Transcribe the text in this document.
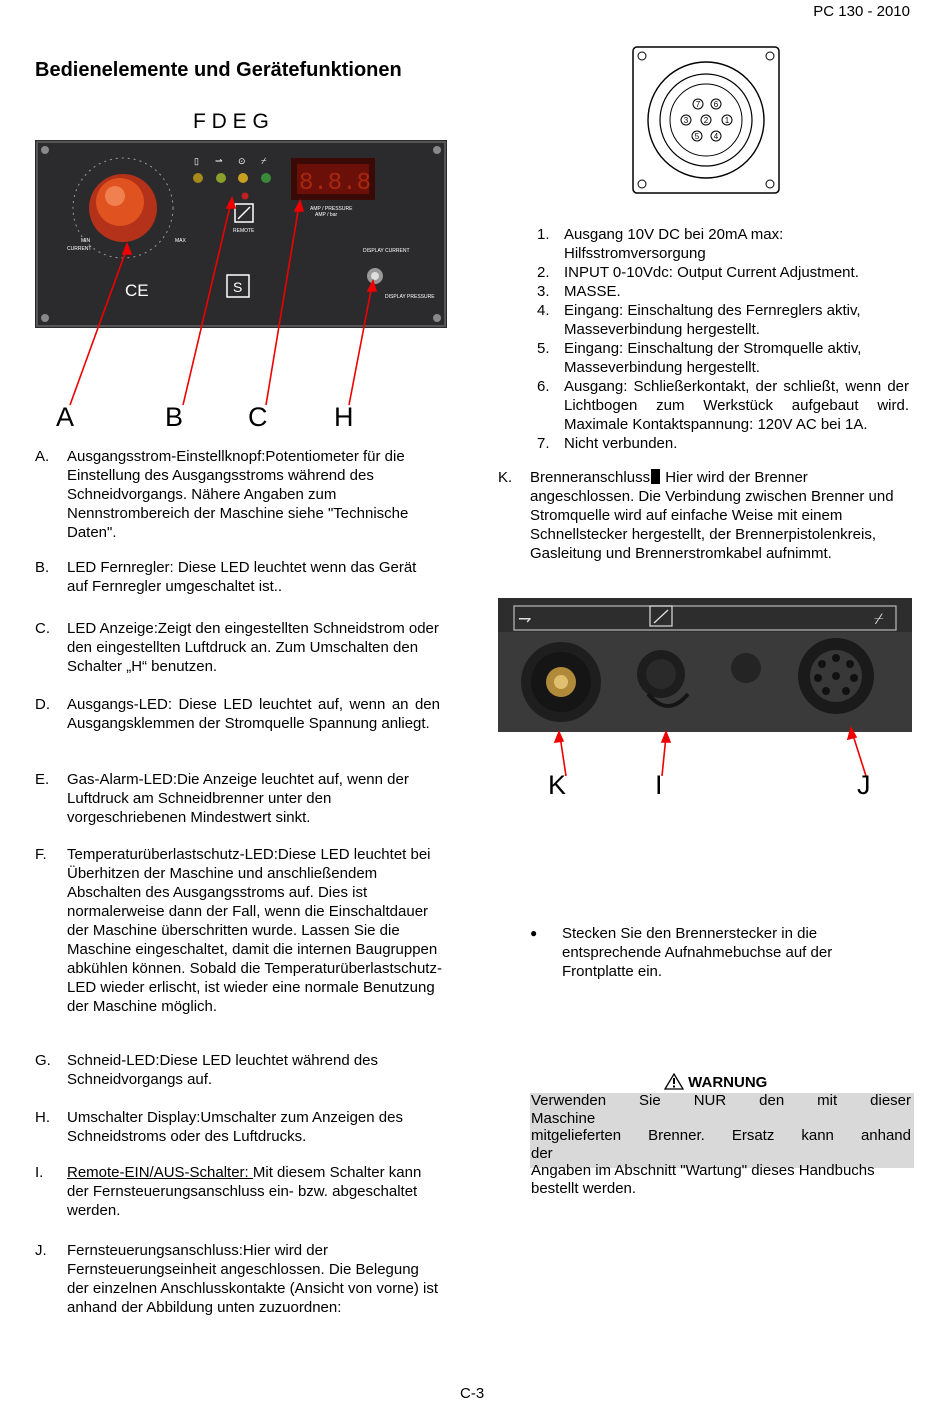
PC 130 - 2010
Bedienelemente und Gerätefunktionen
F D E G
MIN
CURRENT
MAX
▯ ⇀ ⊙ ⌿
REMOTE
8.8.8
AMP / PRESSURE
AMP / bar
DISPLAY CURRENT
DISPLAY PRESSURE
CE	S
A	B C H
A.	Ausgangsstrom-Einstellknopf:Potentiometer für die Einstellung des Ausgangsstroms während des Schneidvorgangs. Nähere Angaben zum Nennstrombereich der Maschine siehe "Technische Daten".
B.	LED Fernregler: Diese LED leuchtet wenn das Gerät auf Fernregler umgeschaltet ist..
C.	LED Anzeige:Zeigt den eingestellten Schneidstrom oder den eingestellten Luftdruck an. Zum Umschalten den Schalter „H“ benutzen.
D.	Ausgangs-LED: Diese LED leuchtet auf, wenn an den Ausgangsklemmen der Stromquelle Spannung anliegt.
E.	Gas-Alarm-LED:Die Anzeige leuchtet auf, wenn der Luftdruck am Schneidbrenner unter den vorgeschriebenen Mindestwert sinkt.
F.	Temperaturüberlastschutz-LED:Diese LED leuchtet bei Überhitzen der Maschine und anschließendem Abschalten des Ausgangsstroms auf. Dies ist normalerweise dann der Fall, wenn die Einschaltdauer der Maschine überschritten wurde. Lassen Sie die Maschine eingeschaltet, damit die internen Baugruppen abkühlen können. Sobald die Temperaturüberlastschutz-LED wieder erlischt, ist wieder eine normale Benutzung der Maschine möglich.
G.	Schneid-LED:Diese LED leuchtet während des Schneidvorgangs auf.
H.	Umschalter Display:Umschalter zum Anzeigen des Schneidstroms oder des Luftdrucks.
I.	Remote-EIN/AUS-Schalter: Mit diesem Schalter kann der Fernsteuerungsanschluss ein- bzw. abgeschaltet werden.
J.	Fernsteuerungsanschluss:Hier wird der Fernsteuerungseinheit angeschlossen. Die Belegung der einzelnen Anschlusskontakte (Ansicht von vorne) ist anhand der Abbildung unten zuzuordnen:
7 6
3 2 1
5 4
1. Ausgang 10V DC bei 20mA max: Hilfsstromversorgung
2. INPUT 0-10Vdc: Output Current Adjustment.
3. MASSE.
4. Eingang: Einschaltung des Fernreglers aktiv, Masseverbindung hergestellt.
5. Eingang: Einschaltung der Stromquelle aktiv, Masseverbindung hergestellt.
6. Ausgang: Schließerkontakt, der schließt, wenn der Lichtbogen zum Werkstück aufgebaut wird. Maximale Kontaktspannung: 120V AC bei 1A.
7. Nicht verbunden.
K.	Brenneranschluss Hier wird der Brenner angeschlossen. Die Verbindung zwischen Brenner und Stromquelle wird auf einfache Weise mit einem Schnellstecker hergestellt, der Brennerpistolenkreis, Gasleitung und Brennerstromkabel aufnimmt.
⇁	⌿
K	I	J
●	Stecken Sie den Brennerstecker in die entsprechende Aufnahmebuchse auf der Frontplatte ein.
WARNUNG
Verwenden Sie NUR den mit dieser
Maschine
mitgelieferten Brenner. Ersatz kann anhand
der
Angaben im Abschnitt "Wartung" dieses Handbuchs bestellt werden.
C-3
